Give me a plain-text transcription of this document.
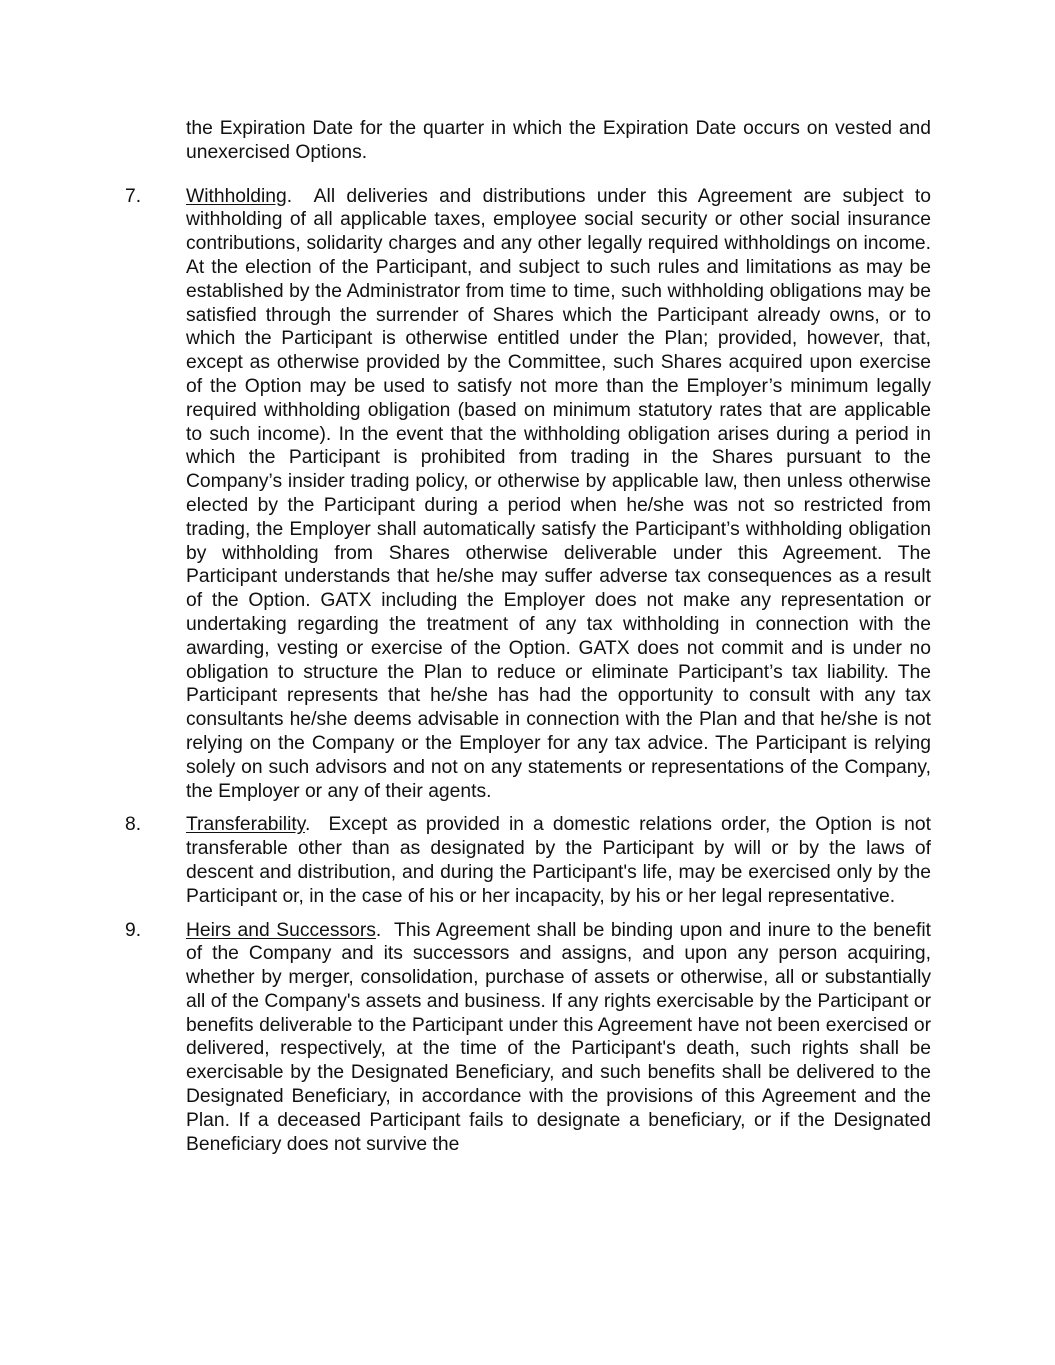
the Expiration Date for the quarter in which the Expiration Date occurs on vested and unexercised Options.

7.	Withholding. All deliveries and distributions under this Agreement are subject to withholding of all applicable taxes, employee social security or other social insurance contributions, solidarity charges and any other legally required withholdings on income. At the election of the Participant, and subject to such rules and limitations as may be established by the Administrator from time to time, such withholding obligations may be satisfied through the surrender of Shares which the Participant already owns, or to which the Participant is otherwise entitled under the Plan; provided, however, that, except as otherwise provided by the Committee, such Shares acquired upon exercise of the Option may be used to satisfy not more than the Employer’s minimum legally required withholding obligation (based on minimum statutory rates that are applicable to such income). In the event that the withholding obligation arises during a period in which the Participant is prohibited from trading in the Shares pursuant to the Company’s insider trading policy, or otherwise by applicable law, then unless otherwise elected by the Participant during a period when he/she was not so restricted from trading, the Employer shall automatically satisfy the Participant’s withholding obligation by withholding from Shares otherwise deliverable under this Agreement. The Participant understands that he/she may suffer adverse tax consequences as a result of the Option. GATX including the Employer does not make any representation or undertaking regarding the treatment of any tax withholding in connection with the awarding, vesting or exercise of the Option. GATX does not commit and is under no obligation to structure the Plan to reduce or eliminate Participant’s tax liability. The Participant represents that he/she has had the opportunity to consult with any tax consultants he/she deems advisable in connection with the Plan and that he/she is not relying on the Company or the Employer for any tax advice. The Participant is relying solely on such advisors and not on any statements or representations of the Company, the Employer or any of their agents.
8.	Transferability. Except as provided in a domestic relations order, the Option is not transferable other than as designated by the Participant by will or by the laws of descent and distribution, and during the Participant's life, may be exercised only by the Participant or, in the case of his or her incapacity, by his or her legal representative.
9.	Heirs and Successors. This Agreement shall be binding upon and inure to the benefit of the Company and its successors and assigns, and upon any person acquiring, whether by merger, consolidation, purchase of assets or otherwise, all or substantially all of the Company's assets and business. If any rights exercisable by the Participant or benefits deliverable to the Participant under this Agreement have not been exercised or delivered, respectively, at the time of the Participant's death, such rights shall be exercisable by the Designated Beneficiary, and such benefits shall be delivered to the Designated Beneficiary, in accordance with the provisions of this Agreement and the Plan. If a deceased Participant fails to designate a beneficiary, or if the Designated Beneficiary does not survive the
